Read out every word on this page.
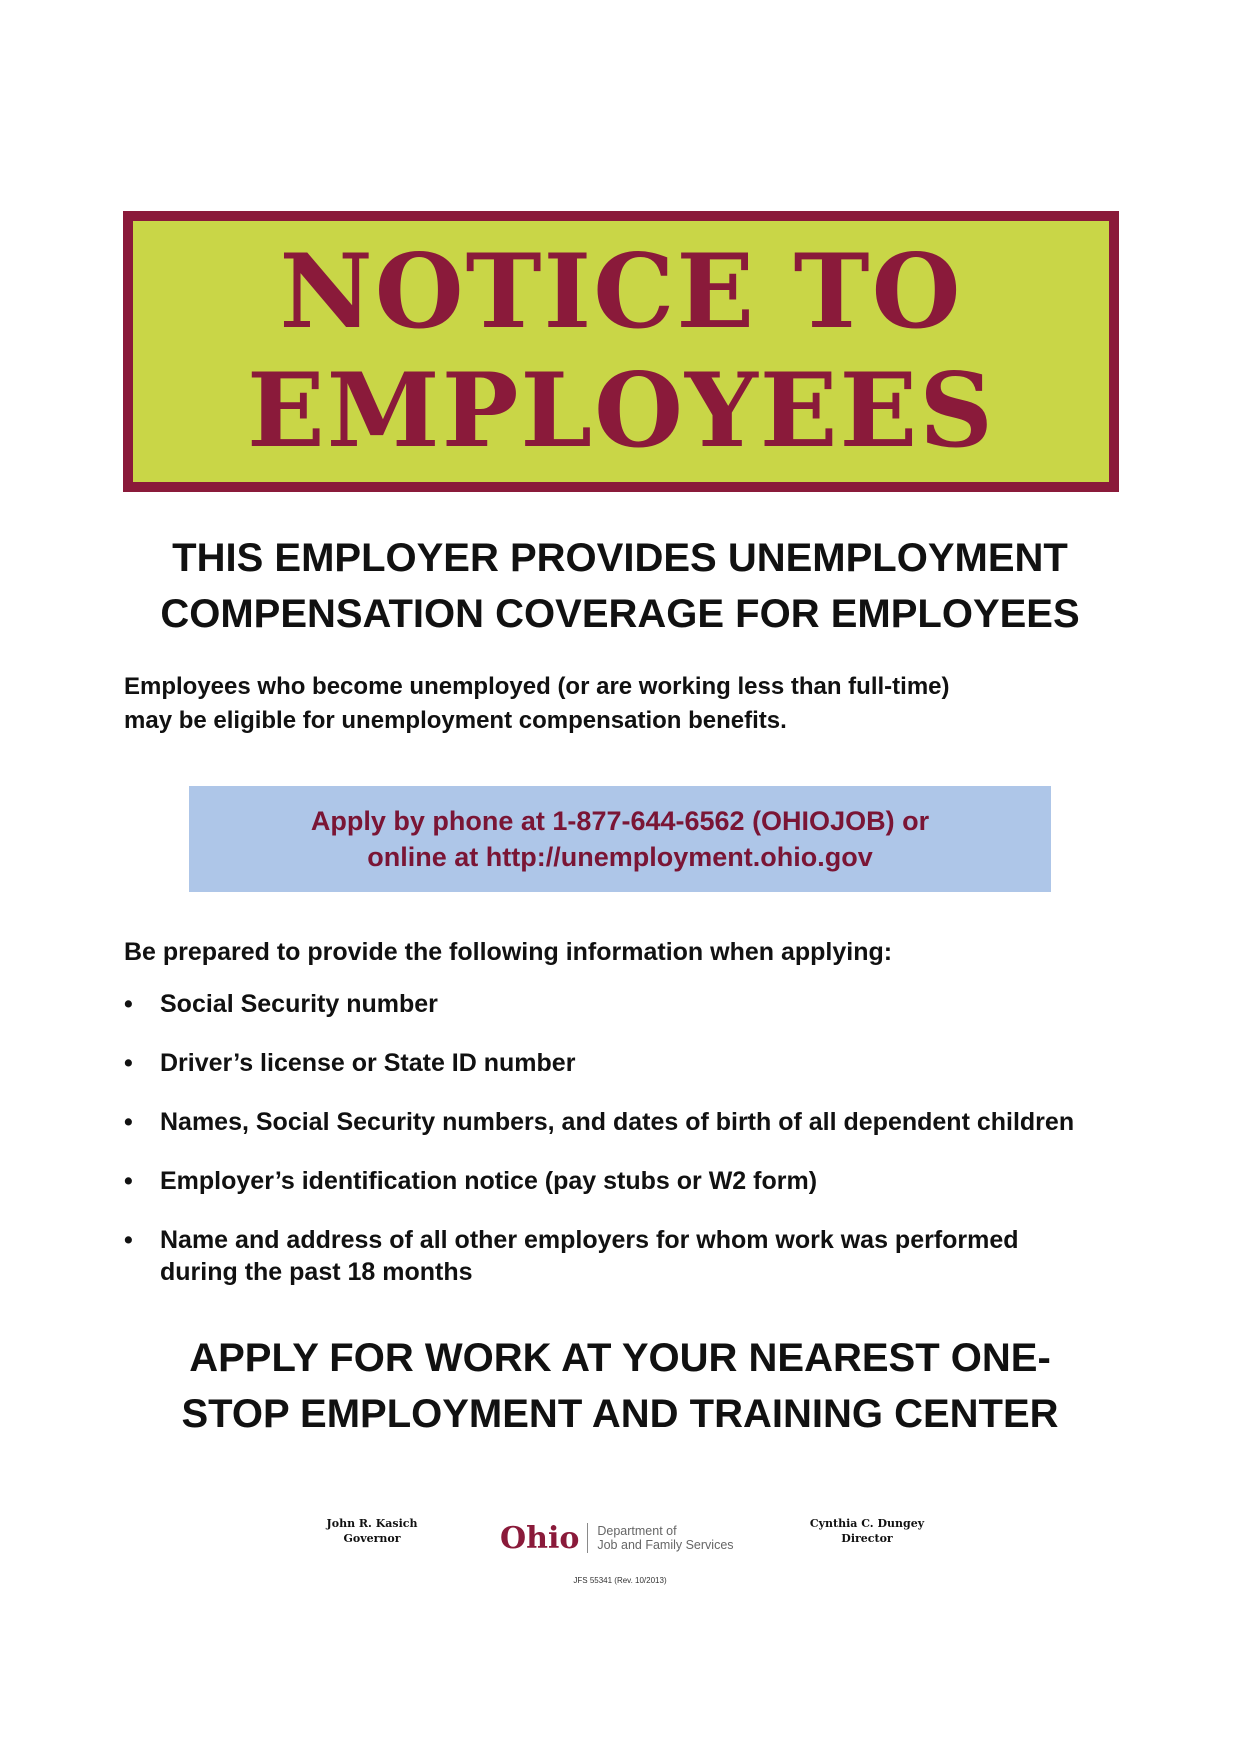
NOTICE TO
EMPLOYEES
THIS EMPLOYER PROVIDES UNEMPLOYMENT
COMPENSATION COVERAGE FOR EMPLOYEES
Employees who become unemployed (or are working less than full-time)
may be eligible for unemployment compensation benefits.
Apply by phone at 1-877-644-6562 (OHIOJOB) or
online at http://unemployment.ohio.gov
Be prepared to provide the following information when applying:
• Social Security number
• Driver’s license or State ID number
• Names, Social Security numbers, and dates of birth of all dependent children
• Employer’s identification notice (pay stubs or W2 form)
• Name and address of all other employers for whom work was performed
during the past 18 months
APPLY FOR WORK AT YOUR NEAREST ONE-
STOP EMPLOYMENT AND TRAINING CENTER
John R. Kasich
Governor	Ohio Department of
Job and Family Services
Cynthia C. Dungey
Director
JFS 55341 (Rev. 10/2013)
